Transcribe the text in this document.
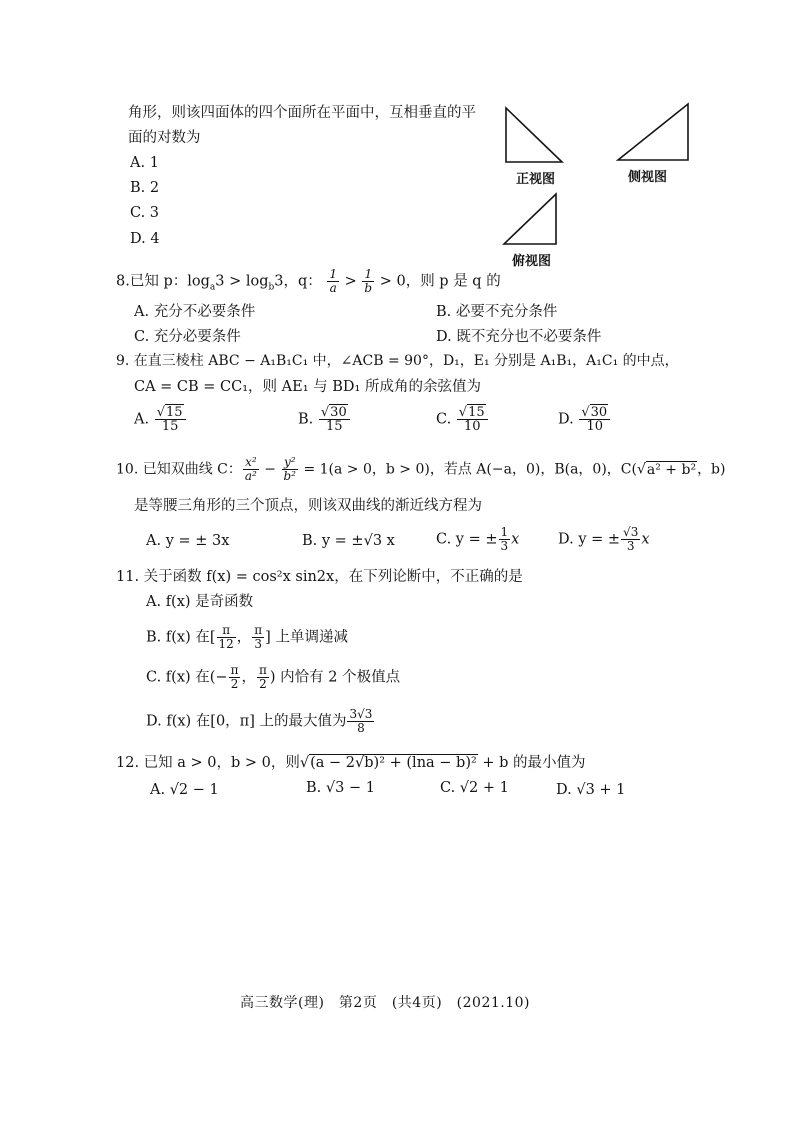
角形，则该四面体的四个面所在平面中，互相垂直的平
面的对数为
A. 1
B. 2
C. 3
D. 4
正视图	侧视图
俯视图
8.已知 p：$\log_a3 > \log_b3$，q： $\frac{1}{a} > \frac{1}{b} > 0$，则 p 是 q 的
A. 充分不必要条件	B. 必要不充分条件
C. 充分必要条件	D. 既不充分也不必要条件
9. 在直三棱柱 ABC − A₁B₁C₁ 中，∠ACB = 90°，D₁，E₁ 分别是 A₁B₁，A₁C₁ 的中点，
CA = CB = CC₁，则 AE₁ 与 BD₁ 所成角的余弦值为
A. $\frac{√15}{15}$	B. $\frac{√30}{15}$	C. $\frac{√15}{10}$	D. $\frac{√30}{10}$
10. 已知双曲线 C： $\frac{\text{x²}}{\text{a²}} - \frac{\text{y²}}{\text{b²}} = 1(a > 0$，b > 0)，若点 A(−a，0)，B(a，0)，C(√a² + b²，b)
是等腰三角形的三个顶点，则该双曲线的渐近线方程为
A. y = ± 3x	B. y = ±√3 x	C. y = ± $\frac{1}{3}$ x	D. y = ± $\frac{√3}{3}$ x
11. 关于函数 f(x) = cos²x sin2x，在下列论断中，不正确的是
A. f(x) 是奇函数
B. f(x) 在[ $\frac{\pi}{12}$ ， $\frac{\pi}{3}$ ] 上单调递减
C. f(x) 在(− $\frac{\pi}{2}$ ， $\frac{\pi}{2}$ ) 内恰有 2 个极值点
D. f(x) 在[0，π] 上的最大值为 $\frac{3√3}{8}$
12. 已知 a > 0，b > 0，则√(a − 2√b)² + (lna − b)² + b 的最小值为
A. √2 − 1	B. √3 − 1	C. √2 + 1	D. √3 + 1
高三数学(理)　第2页　(共4页)　(2021.10)
